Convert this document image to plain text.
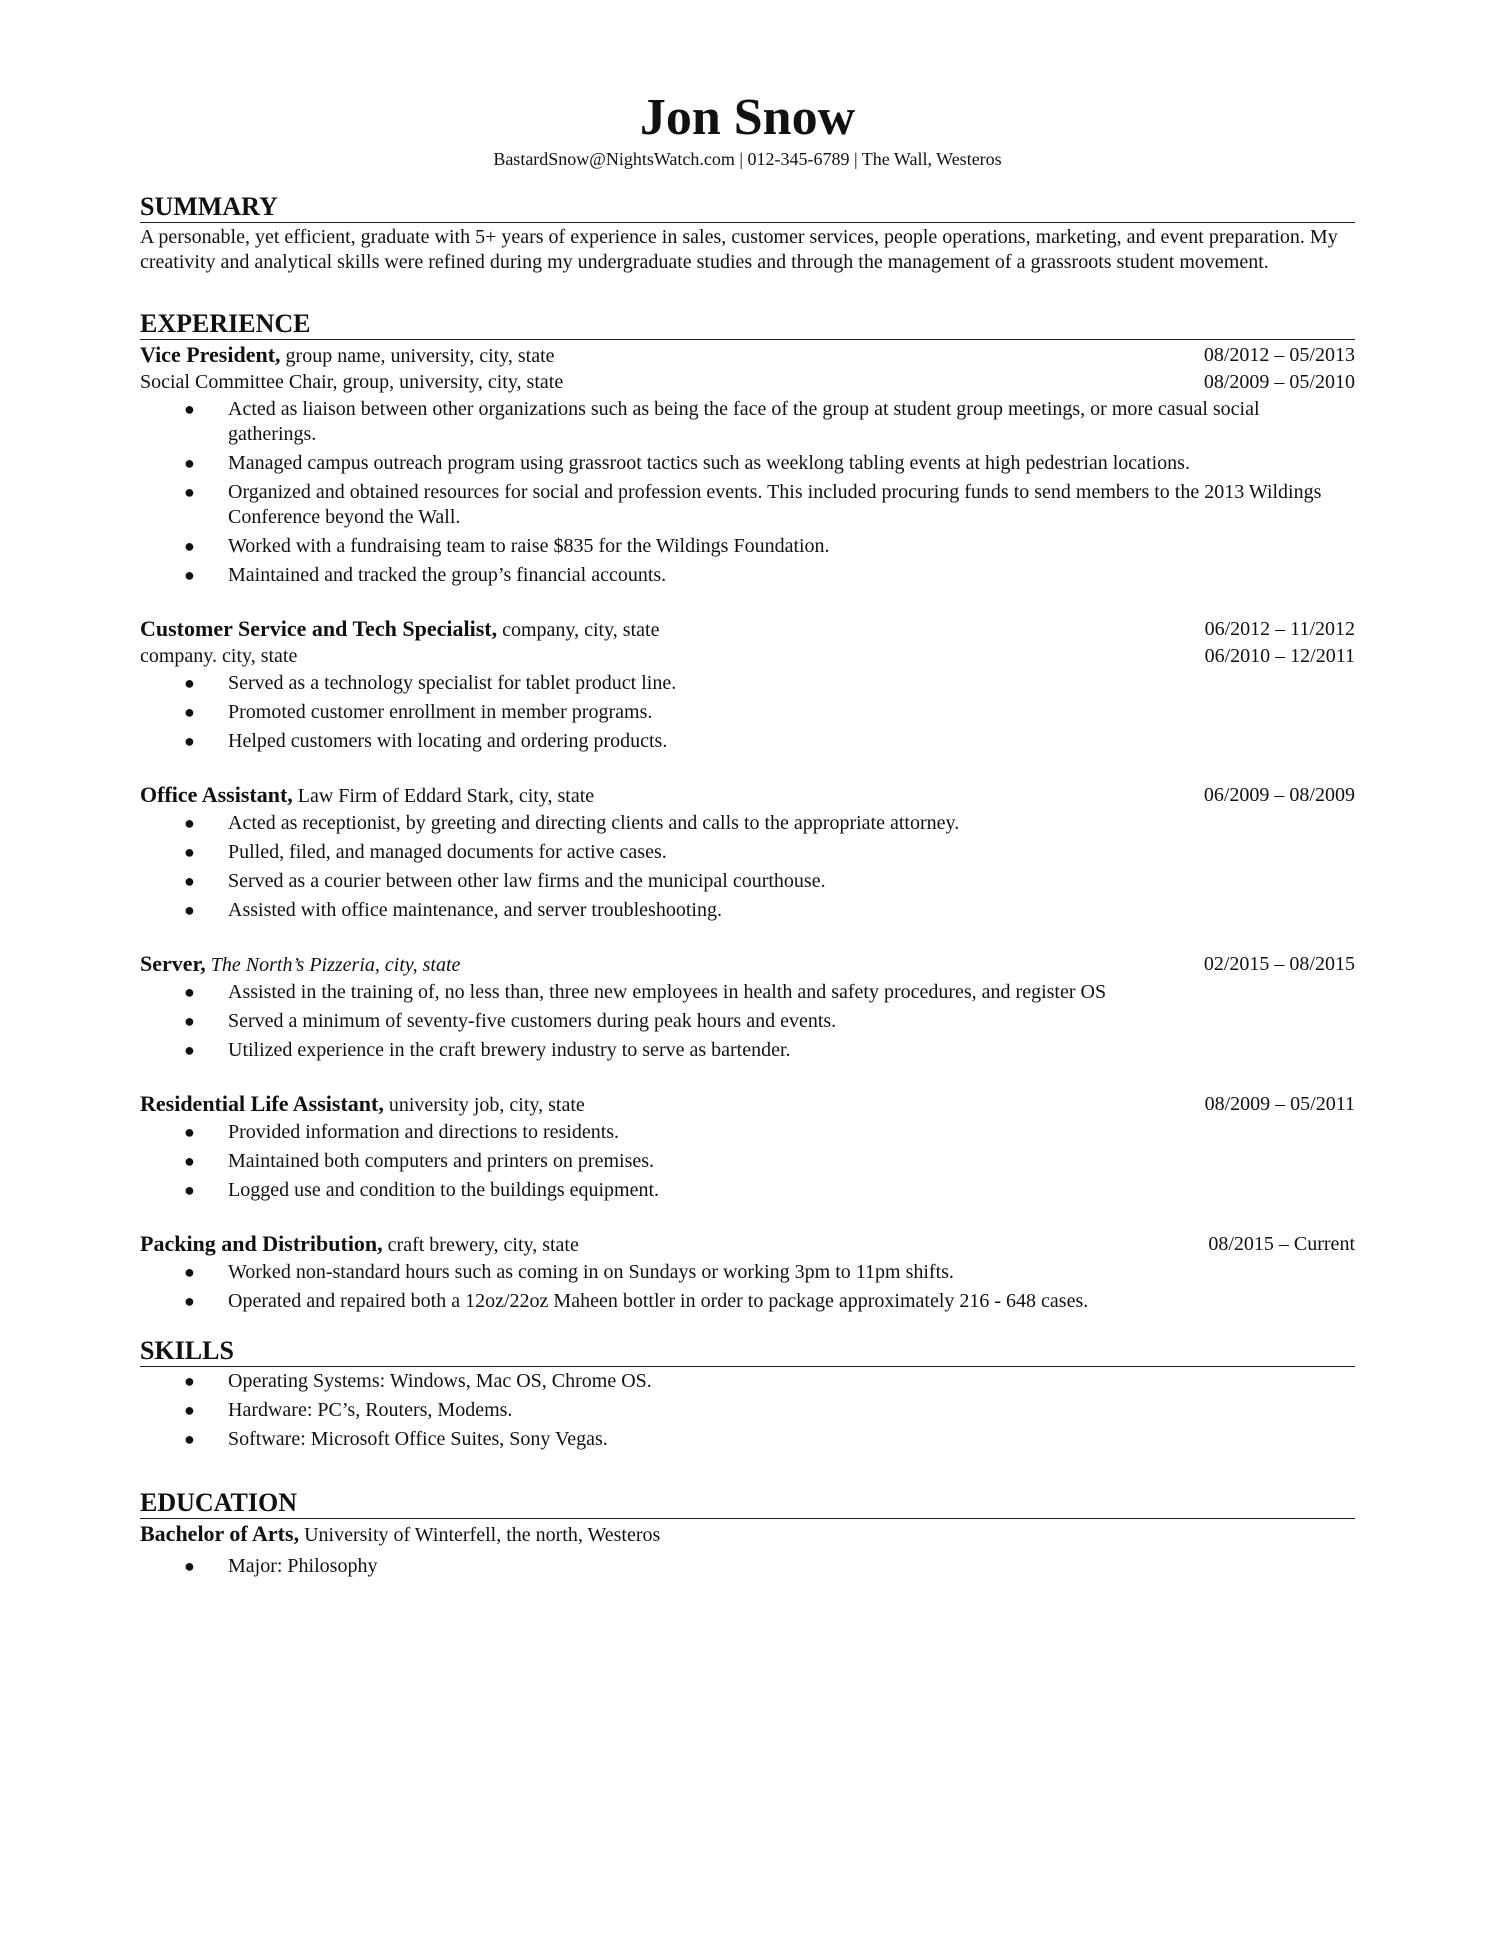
Jon Snow
BastardSnow@NightsWatch.com | 012-345-6789 | The Wall, Westeros
SUMMARY
A personable, yet efficient, graduate with 5+ years of experience in sales, customer services, people operations, marketing, and event preparation. My creativity and analytical skills were refined during my undergraduate studies and through the management of a grassroots student movement.
EXPERIENCE
Vice President, group name, university, city, state	08/2012 – 05/2013
Social Committee Chair, group, university, city, state	08/2009 – 05/2010
● Acted as liaison between other organizations such as being the face of the group at student group meetings, or more casual social gatherings.
● Managed campus outreach program using grassroot tactics such as weeklong tabling events at high pedestrian locations.
● Organized and obtained resources for social and profession events. This included procuring funds to send members to the 2013 Wildings Conference beyond the Wall.
● Worked with a fundraising team to raise $835 for the Wildings Foundation.
● Maintained and tracked the group’s financial accounts.
Customer Service and Tech Specialist, company, city, state	06/2012 – 11/2012
company. city, state	06/2010 – 12/2011
● Served as a technology specialist for tablet product line.
● Promoted customer enrollment in member programs.
● Helped customers with locating and ordering products.
Office Assistant, Law Firm of Eddard Stark, city, state	06/2009 – 08/2009
● Acted as receptionist, by greeting and directing clients and calls to the appropriate attorney.
● Pulled, filed, and managed documents for active cases.
● Served as a courier between other law firms and the municipal courthouse.
● Assisted with office maintenance, and server troubleshooting.
Server, The North’s Pizzeria, city, state	02/2015 – 08/2015
● Assisted in the training of, no less than, three new employees in health and safety procedures, and register OS
● Served a minimum of seventy-five customers during peak hours and events.
● Utilized experience in the craft brewery industry to serve as bartender.
Residential Life Assistant, university job, city, state	08/2009 – 05/2011
● Provided information and directions to residents.
● Maintained both computers and printers on premises.
● Logged use and condition to the buildings equipment.
Packing and Distribution, craft brewery, city, state	08/2015 – Current
● Worked non-standard hours such as coming in on Sundays or working 3pm to 11pm shifts.
● Operated and repaired both a 12oz/22oz Maheen bottler in order to package approximately 216 - 648 cases.
SKILLS
● Operating Systems: Windows, Mac OS, Chrome OS.
● Hardware: PC’s, Routers, Modems.
● Software: Microsoft Office Suites, Sony Vegas.
EDUCATION
Bachelor of Arts, University of Winterfell, the north, Westeros
● Major: Philosophy
